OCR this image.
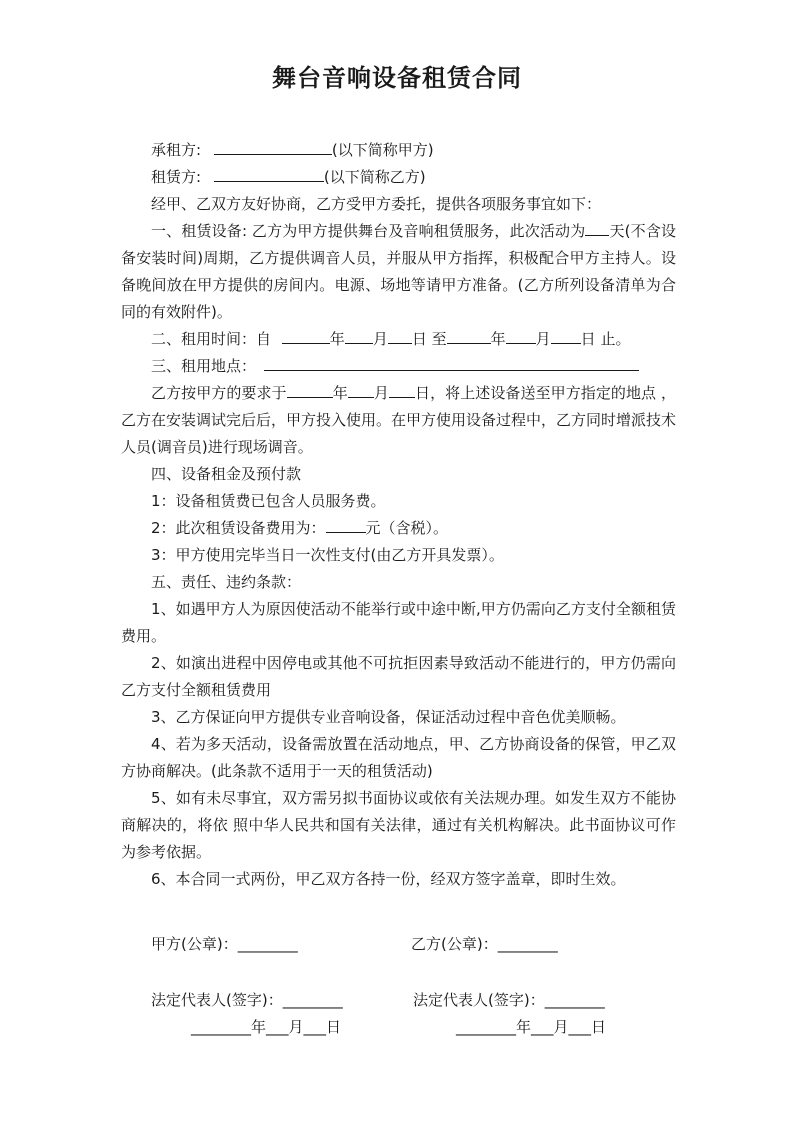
舞台音响设备租赁合同

承租方:	(以下简称甲方)

租赁方:	(以下简称乙方)

经甲、乙双方友好协商，乙方受甲方委托，提供各项服务事宜如下：

一、租赁设备: 乙方为甲方提供舞台及音响租赁服务，此次活动为 天(不含设备安装时间)周期，乙方提供调音人员，并服从甲方指挥，积极配合甲方主持人。设备晚间放在甲方提供的房间内。电源、场地等请甲方准备。(乙方所列设备清单为合同的有效附件)。

二、租用时间：自	年 月 日 至	年 月 日 止。

三、租用地点：

乙方按甲方的要求于	年 月 日，将上述设备送至甲方指定的地点 ，乙方在安装调试完后后，甲方投入使用。在甲方使用设备过程中，乙方同时增派技术人员(调音员)进行现场调音。

四、设备租金及预付款

1：设备租赁费已包含人员服务费。

2：此次租赁设备费用为：	元（含税）。

3：甲方使用完毕当日一次性支付(由乙方开具发票）。

五、责任、违约条款：

1、如遇甲方人为原因使活动不能举行或中途中断,甲方仍需向乙方支付全额租赁费用。

2、如演出进程中因停电或其他不可抗拒因素导致活动不能进行的，甲方仍需向乙方支付全额租赁费用

3、乙方保证向甲方提供专业音响设备，保证活动过程中音色优美顺畅。

4、若为多天活动，设备需放置在活动地点，甲、乙方协商设备的保管，甲乙双方协商解决。(此条款不适用于一天的租赁活动)

5、如有未尽事宜，双方需另拟书面协议或依有关法规办理。如发生双方不能协商解决的，将依 照中华人民共和国有关法律，通过有关机构解决。此书面协议可作为参考依据。

6、本合同一式两份，甲乙双方各持一份，经双方签字盖章，即时生效。

甲方(公章)：________	乙方(公章)：________
法定代表人(签字)：________	法定代表人(签字)：________
________年___月___日	________年___月___日
